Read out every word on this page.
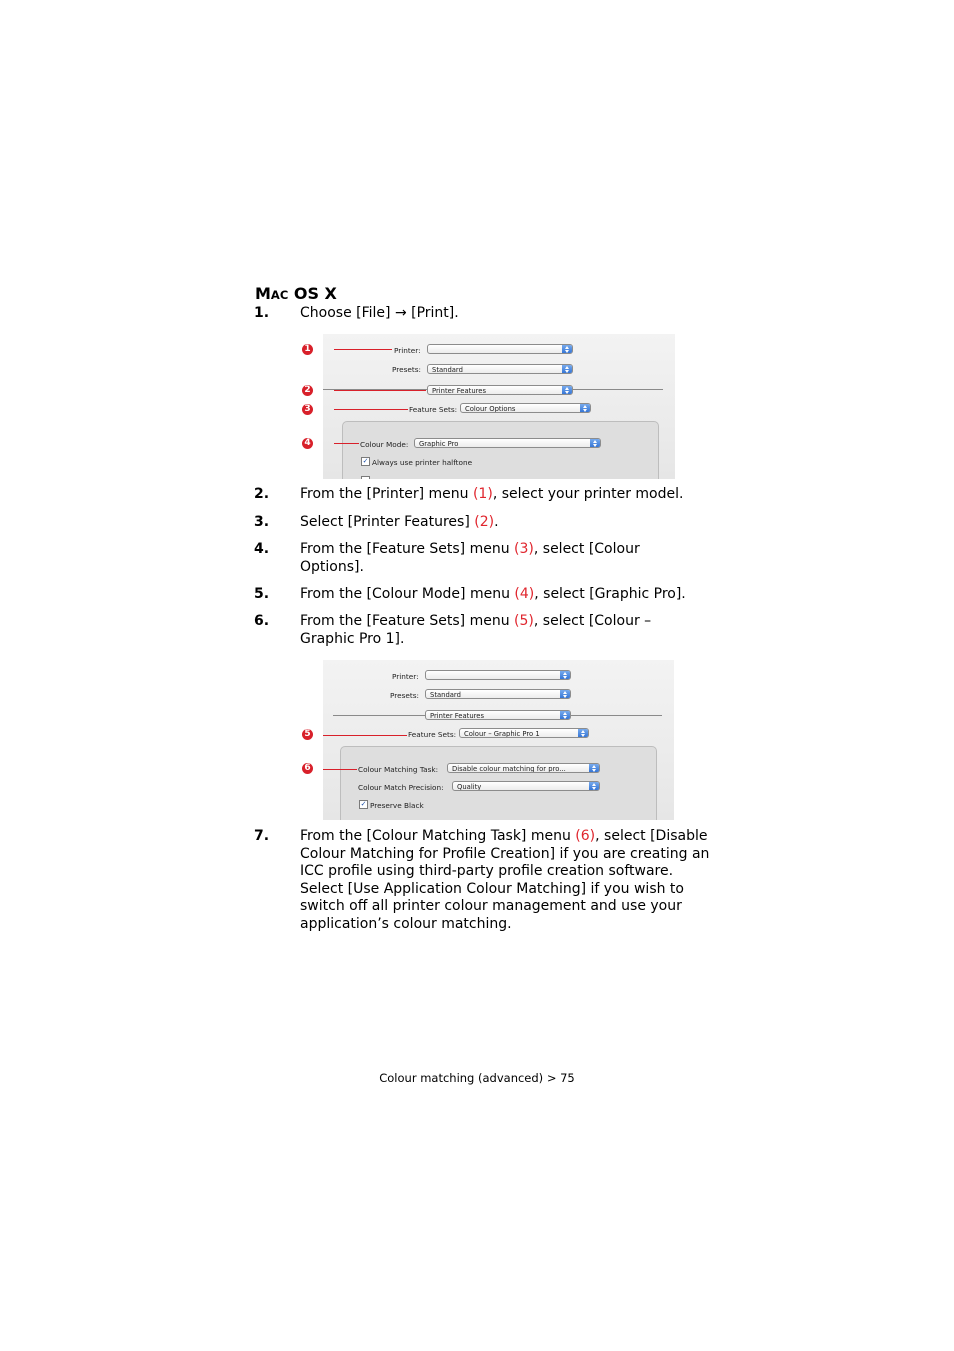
MAC OS X
1. Choose [File] → [Print].
Printer:
Presets:	Standard
Printer Features
Feature Sets:	Colour Options
Colour Mode:	Graphic Pro
✓ Always use printer halftone
1
2
3
4
2. From the [Printer] menu (1), select your printer model.
3. Select [Printer Features] (2).
4. From the [Feature Sets] menu (3), select [Colour Options].
5. From the [Colour Mode] menu (4), select [Graphic Pro].
6. From the [Feature Sets] menu (5), select [Colour – Graphic Pro 1].
Printer:
Presets:	Standard
Printer Features
Feature Sets:	Colour – Graphic Pro 1
Colour Matching Task:	Disable colour matching for pro...
Colour Match Precision:	Quality
✓ Preserve Black
5
6
7. From the [Colour Matching Task] menu (6), select [Disable Colour Matching for Profile Creation] if you are creating an ICC profile using third-party profile creation software. Select [Use Application Colour Matching] if you wish to switch off all printer colour management and use your application’s colour matching.
Colour matching (advanced) > 75
